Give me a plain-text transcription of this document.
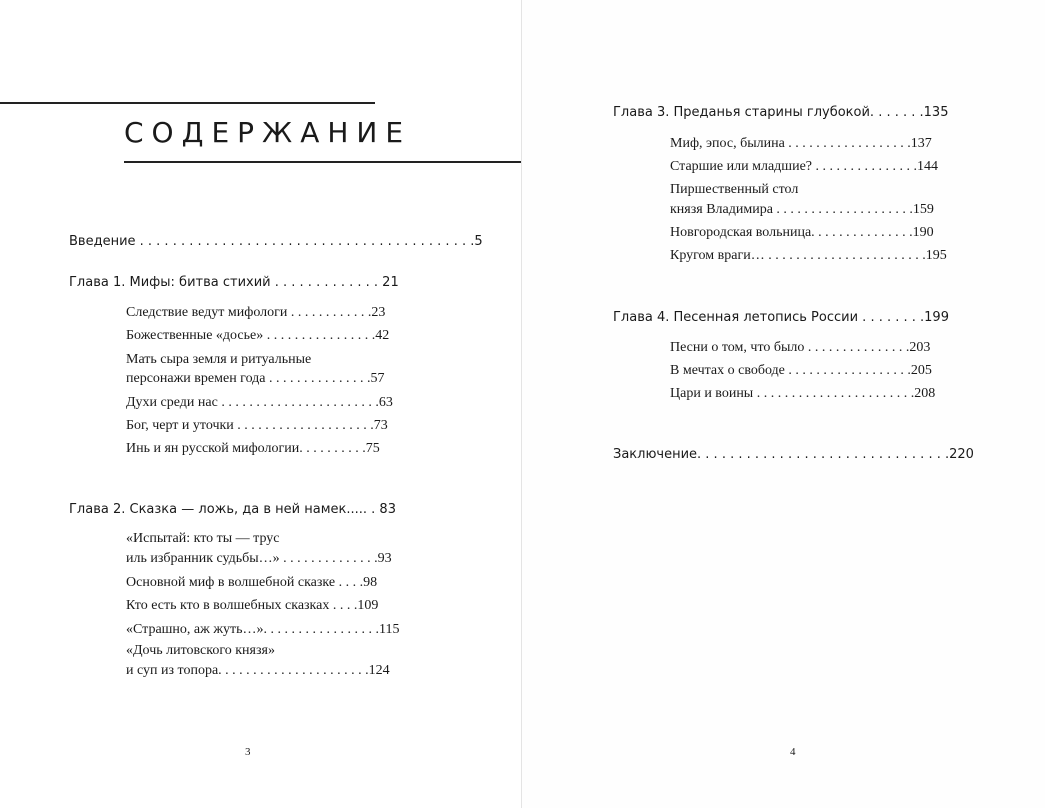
СОДЕРЖАНИЕ
Введение . . . . . . . . . . . . . . . . . . . . . . . . . . . . . . . . . . . . . . . . .5
Глава 1. Мифы: битва стихий . . . . . . . . . . . . . 21
Следствие ведут мифологи . . . . . . . . . . . .23
Божественные «досье» . . . . . . . . . . . . . . . .42
Мать сыра земля и ритуальные
персонажи времен года . . . . . . . . . . . . . . .57
Духи среди нас . . . . . . . . . . . . . . . . . . . . . . .63
Бог, черт и уточки . . . . . . . . . . . . . . . . . . . .73
Инь и ян русской мифологии. . . . . . . . . .75
Глава 2. Сказка — ложь, да в ней намек..... . 83
«Испытай: кто ты — трус
иль избранник судьбы…» . . . . . . . . . . . . . .93
Основной миф в волшебной сказке . . . .98
Кто есть кто в волшебных сказках . . . .109
«Страшно, аж жуть…». . . . . . . . . . . . . . . . .115
«Дочь литовского князя»
и суп из топора. . . . . . . . . . . . . . . . . . . . . .124
3
Глава 3. Преданья старины глубокой. . . . . . .135
Миф, эпос, былина . . . . . . . . . . . . . . . . . .137
Старшие или младшие? . . . . . . . . . . . . . . .144
Пиршественный стол
князя Владимира . . . . . . . . . . . . . . . . . . . .159
Новгородская вольница. . . . . . . . . . . . . . .190
Кругом враги… . . . . . . . . . . . . . . . . . . . . . . .195
Глава 4. Песенная летопись России . . . . . . . .199
Песни о том, что было . . . . . . . . . . . . . . .203
В мечтах о свободе . . . . . . . . . . . . . . . . . .205
Цари и воины . . . . . . . . . . . . . . . . . . . . . . .208
Заключение. . . . . . . . . . . . . . . . . . . . . . . . . . . . . . .220
4
